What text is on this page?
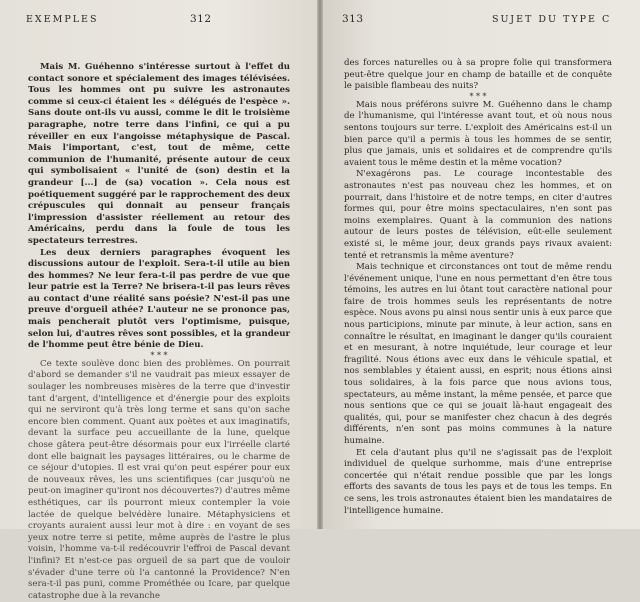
EXEMPLES	312

Mais M. Guéhenno s'intéresse surtout à l'effet du contact sonore et spécialement des images télévisées. Tous les hommes ont pu suivre les astronautes comme si ceux-ci étaient les « délégués de l'espèce ». Sans doute ont-ils vu aussi, comme le dit le troisième paragraphe, notre terre dans l'infini, ce qui a pu réveiller en eux l'angoisse métaphysique de Pascal. Mais l'important, c'est, tout de même, cette communion de l'humanité, présente autour de ceux qui symbolisaient « l'unité de (son) destin et la grandeur [...] de (sa) vocation ». Cela nous est poétiquement suggéré par le rapprochement des deux crépuscules qui donnait au penseur français l'impression d'assister réellement au retour des Américains, perdu dans la foule de tous les spectateurs terrestres.

Les deux derniers paragraphes évoquent les discussions autour de l'exploit. Sera-t-il utile au bien des hommes? Ne leur fera-t-il pas perdre de vue que leur patrie est la Terre? Ne brisera-t-il pas leurs rêves au contact d'une réalité sans poésie? N'est-il pas une preuve d'orgueil athée? L'auteur ne se prononce pas, mais pencherait plutôt vers l'optimisme, puisque, selon lui, d'autres rêves sont possibles, et la grandeur de l'homme peut être bénie de Dieu.

* * *

Ce texte soulève donc bien des problèmes. On pourrait d'abord se demander s'il ne vaudrait pas mieux essayer de soulager les nombreuses misères de la terre que d'investir tant d'argent, d'intelligence et d'énergie pour des exploits qui ne serviront qu'à très long terme et sans qu'on sache encore bien comment. Quant aux poètes et aux imaginatifs, devant la surface peu accueillante de la lune, quelque chose gâtera peut-être désormais pour eux l'irréelle clarté dont elle baignait les paysages littéraires, ou le charme de ce séjour d'utopies. Il est vrai qu'on peut espérer pour eux de nouveaux rêves, les uns scientifiques (car jusqu'où ne peut-on imaginer qu'iront nos découvertes?) d'autres même esthétiques, car ils pourront mieux contempler la voie lactée de quelque belvédère lunaire. Métaphysiciens et croyants auraient aussi leur mot à dire : en voyant de ses yeux notre terre si petite, même auprès de l'astre le plus voisin, l'homme va-t-il redécouvrir l'effroi de Pascal devant l'infini? Et n'est-ce pas orgueil de sa part que de vouloir s'évader d'une terre où l'a cantonné la Providence? N'en sera-t-il pas puni, comme Prométhée ou Icare, par quelque catastrophe due à la revanche

313	SUJET DU TYPE C

des forces naturelles ou à sa propre folie qui transformera peut-être quelque jour en champ de bataille et de conquête le paisible flambeau des nuits?

* * *

Mais nous préférons suivre M. Guéhenno dans le champ de l'humanisme, qui l'intéresse avant tout, et où nous nous sentons toujours sur terre. L'exploit des Américains est-il un bien parce qu'il a permis à tous les hommes de se sentir, plus que jamais, unis et solidaires et de comprendre qu'ils avaient tous le même destin et la même vocation?

N'exagérons pas. Le courage incontestable des astronautes n'est pas nouveau chez les hommes, et on pourrait, dans l'histoire et de notre temps, en citer d'autres formes qui, pour être moins spectaculaires, n'en sont pas moins exemplaires. Quant à la communion des nations autour de leurs postes de télévision, eût-elle seulement existé si, le même jour, deux grands pays rivaux avaient: tenté et retransmis la même aventure?

Mais technique et circonstances ont tout de même rendu l'événement unique, l'une en nous permettant d'en être tous témoins, les autres en lui ôtant tout caractère national pour faire de trois hommes seuls les représentants de notre espèce. Nous avons pu ainsi nous sentir unis à eux parce que nous participions, minute par minute, à leur action, sans en connaître le résultat, en imaginant le danger qu'ils couraient et en mesurant, à notre inquiétude, leur courage et leur fragilité. Nous étions avec eux dans le véhicule spatial, et nos semblables y étaient aussi, en esprit; nous étions ainsi tous solidaires, à la fois parce que nous avions tous, spectateurs, au même instant, la même pensée, et parce que nous sentions que ce qui se jouait là-haut engageait des qualités, qui, pour se manifester chez chacun à des degrés différents, n'en sont pas moins communes à la nature humaine.

Et cela d'autant plus qu'il ne s'agissait pas de l'exploit individuel de quelque surhomme, mais d'une entreprise concertée qui n'était rendue possible que par les longs efforts des savants de tous les pays et de tous les temps. En ce sens, les trois astronautes étaient bien les mandataires de l'intelligence humaine.
